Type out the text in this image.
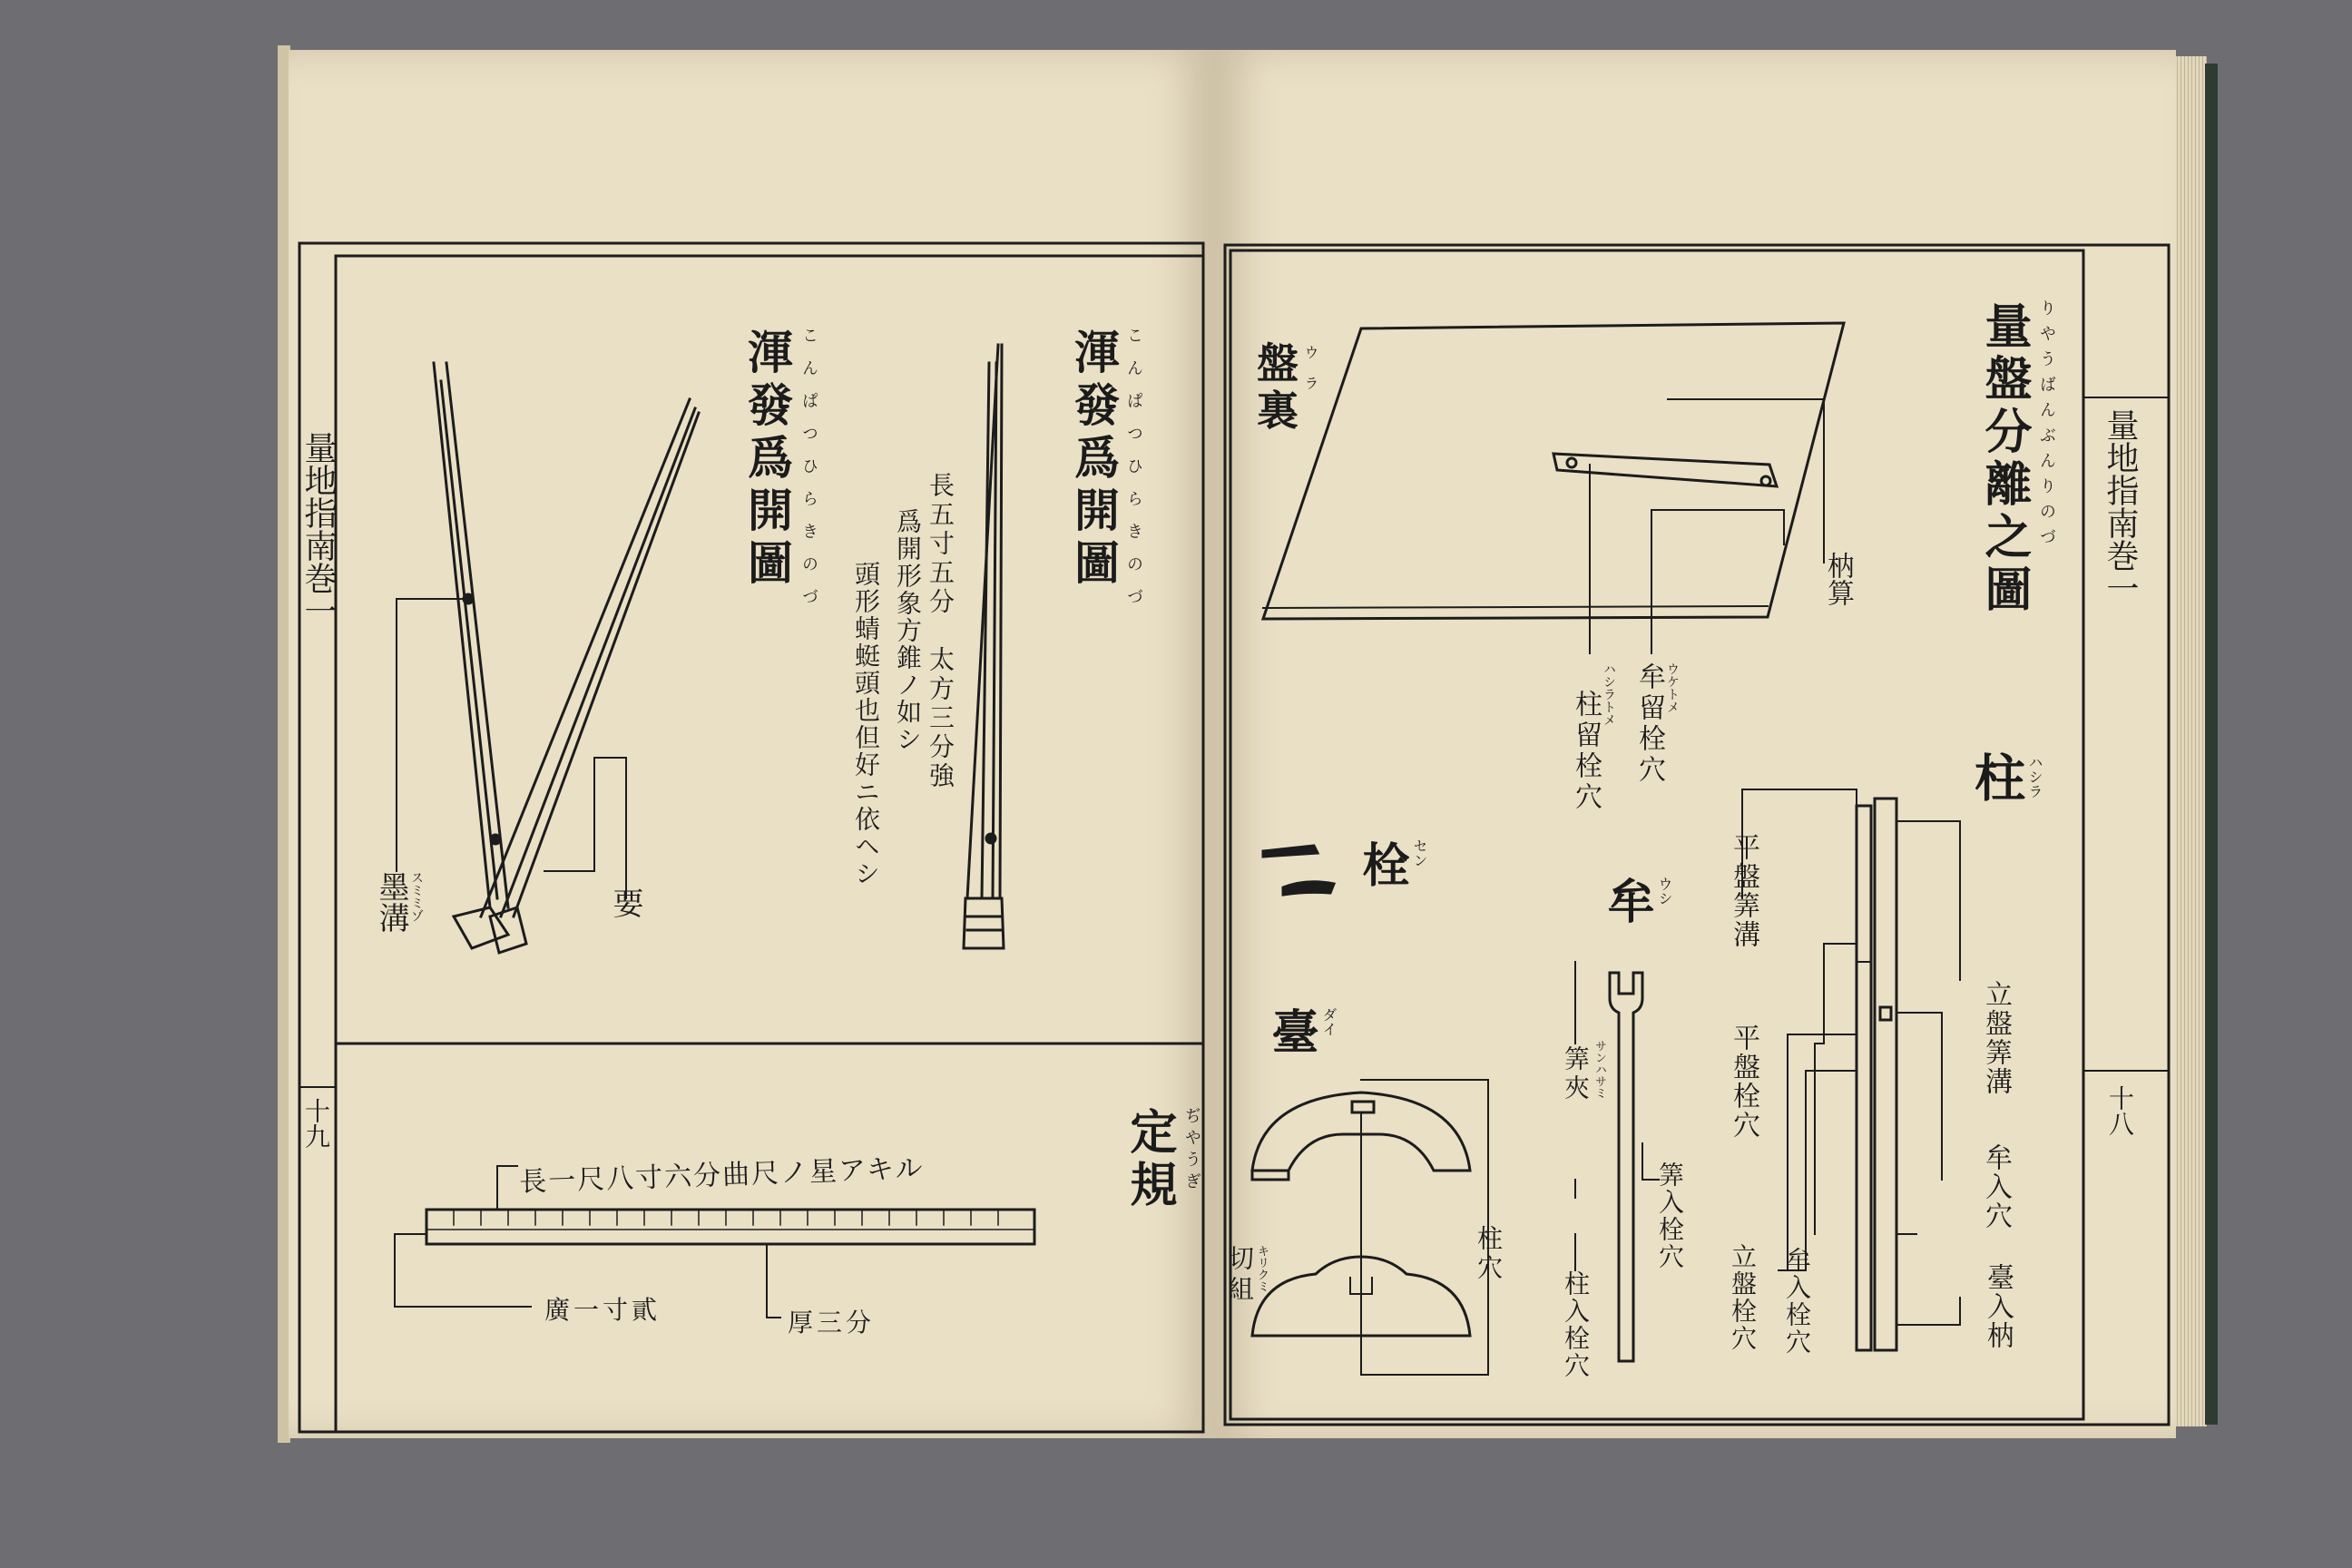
量地指南巻一
十九
渾發爲開圖 こんぱつひらきのづ
長五寸五分　太方三分強
爲開形象方錐ノ如シ
頭形蜻蜓頭也但好ニ依ヘシ
渾發爲開圖 こんぱつひらきのづ
墨溝 スミミゾ	要
定規 ぢやうぎ
長一尺八寸六分曲尺ノ星アキル
廣一寸貳	厚三分
量地指南巻一
十八
量盤分離之圖 りやうばんぶんりのづ
盤裏 ウラ
枘算
柱留栓穴 ハシラトメ 牟留栓穴 ウケトメ
栓 セン
臺 ダイ
切組 キリクミ	柱穴
牟 ウシ
筭夾 サンハサミ
筭入栓穴
柱入栓穴
柱 ハシラ
平盤筭溝
平盤栓穴
立盤栓穴 牟入栓穴
立盤筭溝
牟入穴
臺入枘
